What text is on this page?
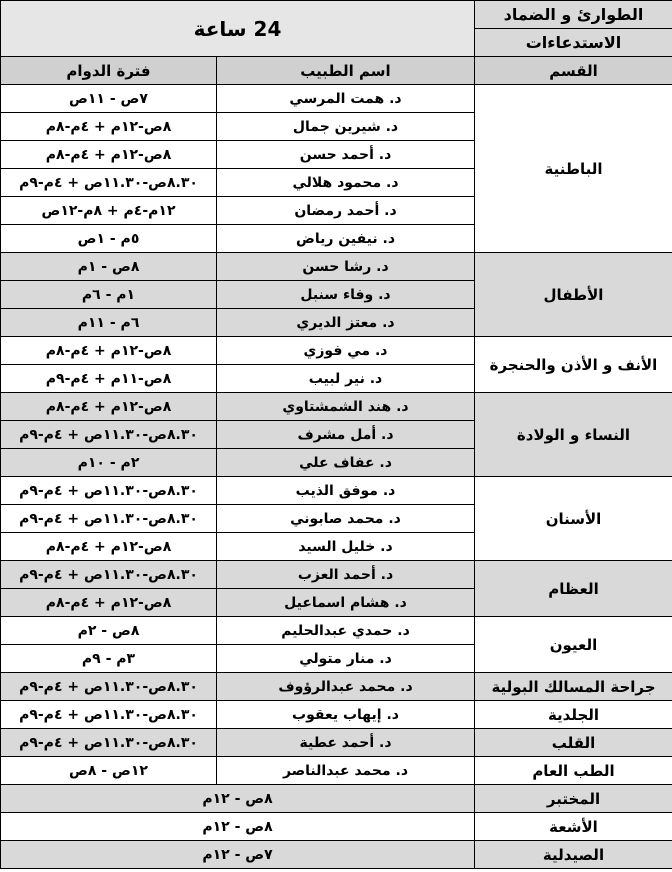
الطوارئ و الضماد	24 ساعة	
الاستدعاءات		
القسم	اسم الطبيب	فترة الدوام
الباطنية	د. همت المرسي	٧ص - ١١ص
	د. شيرين جمال	٨ص-١٢م + ٤م-٨م
	د. أحمد حسن	٨ص-١٢م + ٤م-٨م
	د. محمود هلالي	٨.٣٠ص-١١.٣٠ص + ٤م-٩م
	د. أحمد رمضان	١٢م-٤م + ٨م-١٢ص
	د. نيفين رياض	٥م - ١ص
الأطفال	د. رشا حسن	٨ص - ١م
	د. وفاء سنبل	١م - ٦م
	د. معتز الديري	٦م - ١١م
الأنف و الأذن والحنجرة	د. مي فوزي	٨ص-١٢م + ٤م-٨م
	د. نير لبيب	٨ص-١١م + ٤م-٩م
النساء و الولادة	د. هند الشمشتاوي	٨ص-١٢م + ٤م-٨م
	د. أمل مشرف	٨.٣٠ص-١١.٣٠ص + ٤م-٩م
	د. عفاف علي	٢م - ١٠م
الأسنان	د. موفق الذيب	٨.٣٠ص-١١.٣٠ص + ٤م-٩م
	د. محمد صابوني	٨.٣٠ص-١١.٣٠ص + ٤م-٩م
	د. خليل السيد	٨ص-١٢م + ٤م-٨م
العظام	د. أحمد العزب	٨.٣٠ص-١١.٣٠ص + ٤م-٩م
	د. هشام اسماعيل	٨ص-١٢م + ٤م-٨م
العيون	د. حمدي عبدالحليم	٨ص - ٢م
	د. منار متولي	٣م - ٩م
جراحة المسالك البولية	د. محمد عبدالرؤوف	٨.٣٠ص-١١.٣٠ص + ٤م-٩م
الجلدية	د. إيهاب يعقوب	٨.٣٠ص-١١.٣٠ص + ٤م-٩م
القلب	د. أحمد عطية	٨.٣٠ص-١١.٣٠ص + ٤م-٩م
الطب العام	د. محمد عبدالناصر	١٢ص - ٨ص
المختبر	٨ص - ١٢م	
الأشعة	٨ص - ١٢م	
الصيدلية	٧ص - ١٢م	
